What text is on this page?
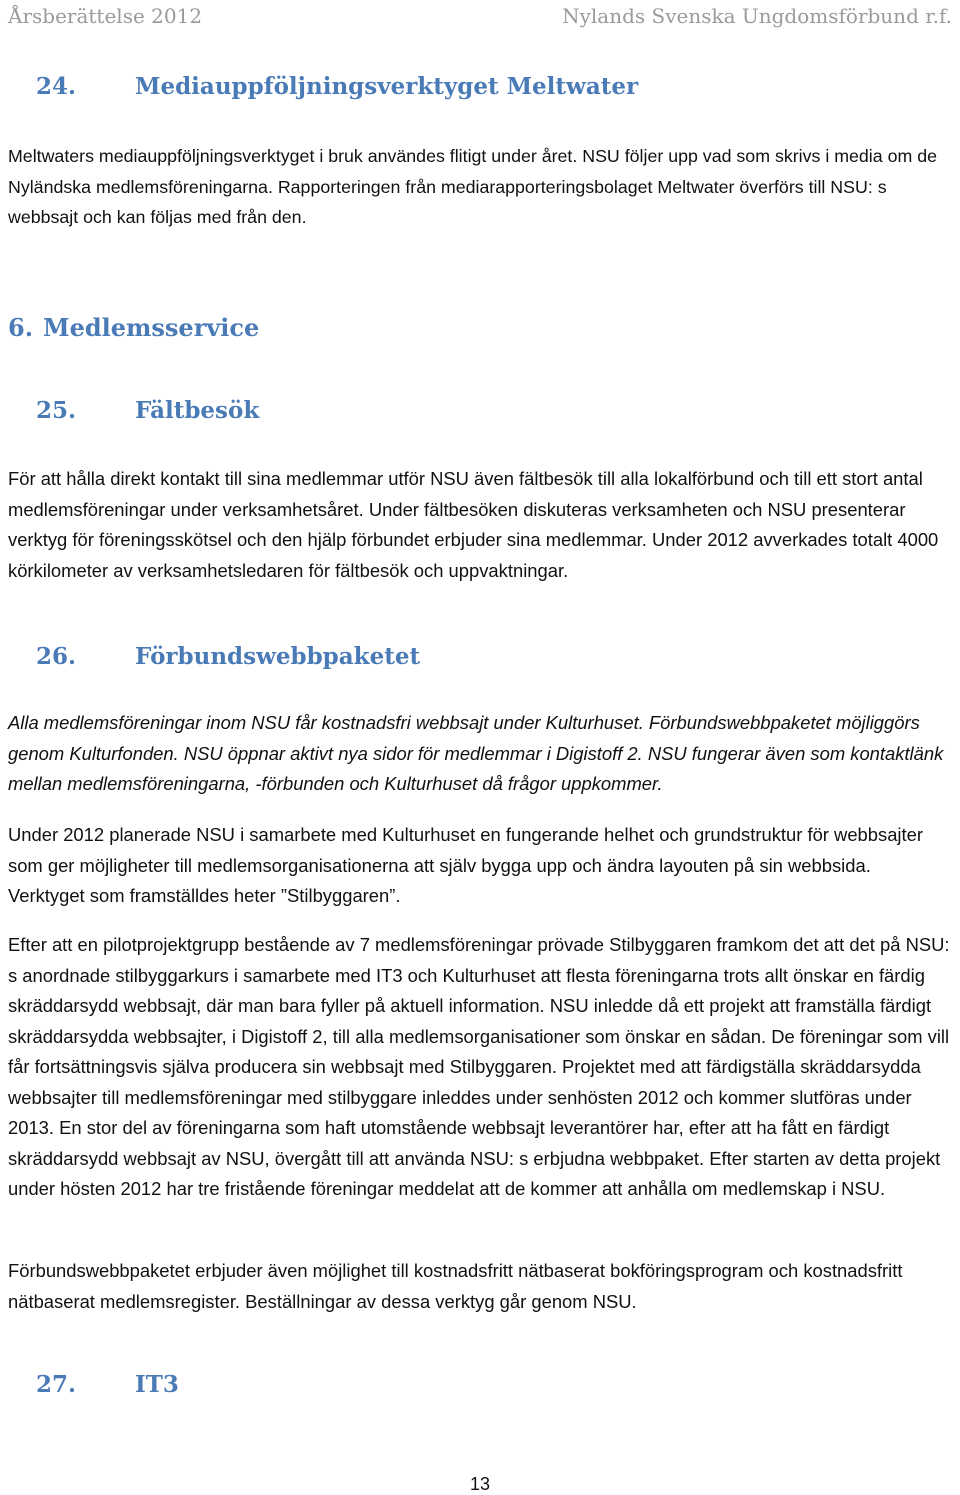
Årsberättelse 2012	Nylands Svenska Ungdomsförbund r.f.
24.	Mediauppföljningsverktyget Meltwater

Meltwaters mediauppföljningsverktyget i bruk användes flitigt under året. NSU följer upp vad som skrivs i media om de Nyländska medlemsföreningarna. Rapporteringen från mediarapporteringsbolaget Meltwater överförs till NSU: s webbsajt och kan följas med från den.

6. Medlemsservice
25.	Fältbesök

För att hålla direkt kontakt till sina medlemmar utför NSU även fältbesök till alla lokalförbund och till ett stort antal medlemsföreningar under verksamhetsåret. Under fältbesöken diskuteras verksamheten och NSU presenterar verktyg för föreningsskötsel och den hjälp förbundet erbjuder sina medlemmar. Under 2012 avverkades totalt 4000 körkilometer av verksamhetsledaren för fältbesök och uppvaktningar.

26.	Förbundswebbpaketet

Alla medlemsföreningar inom NSU får kostnadsfri webbsajt under Kulturhuset. Förbundswebbpaketet möjliggörs genom Kulturfonden. NSU öppnar aktivt nya sidor för medlemmar i Digistoff 2. NSU fungerar även som kontaktlänk mellan medlemsföreningarna, -förbunden och Kulturhuset då frågor uppkommer.

Under 2012 planerade NSU i samarbete med Kulturhuset en fungerande helhet och grundstruktur för webbsajter som ger möjligheter till medlemsorganisationerna att själv bygga upp och ändra layouten på sin webbsida. Verktyget som framställdes heter ”Stilbyggaren”.

Efter att en pilotprojektgrupp bestående av 7 medlemsföreningar prövade Stilbyggaren framkom det att det på NSU: s anordnade stilbyggarkurs i samarbete med IT3 och Kulturhuset att flesta föreningarna trots allt önskar en färdig skräddarsydd webbsajt, där man bara fyller på aktuell information. NSU inledde då ett projekt att framställa färdigt skräddarsydda webbsajter, i Digistoff 2, till alla medlemsorganisationer som önskar en sådan. De föreningar som vill får fortsättningsvis själva producera sin webbsajt med Stilbyggaren. Projektet med att färdigställa skräddarsydda webbsajter till medlemsföreningar med stilbyggare inleddes under senhösten 2012 och kommer slutföras under 2013. En stor del av föreningarna som haft utomstående webbsajt leverantörer har, efter att ha fått en färdigt skräddarsydd webbsajt av NSU, övergått till att använda NSU: s erbjudna webbpaket. Efter starten av detta projekt under hösten 2012 har tre fristående föreningar meddelat att de kommer att anhålla om medlemskap i NSU.

Förbundswebbpaketet erbjuder även möjlighet till kostnadsfritt nätbaserat bokföringsprogram och kostnadsfritt nätbaserat medlemsregister. Beställningar av dessa verktyg går genom NSU.

27.	IT3
13
